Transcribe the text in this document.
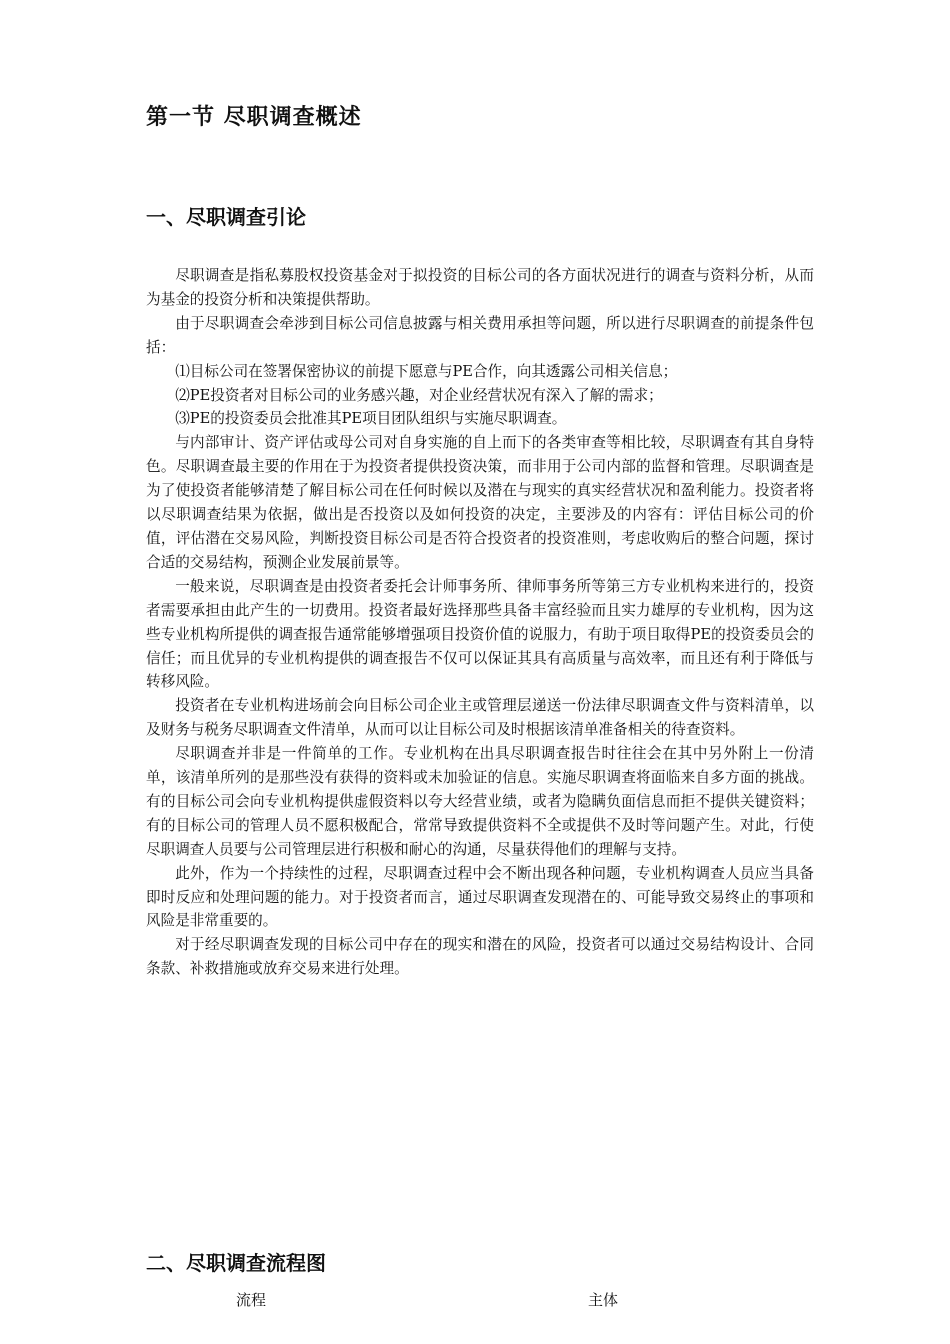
第一节 尽职调查概述
一、尽职调查引论

尽职调查是指私募股权投资基金对于拟投资的目标公司的各方面状况进行的调查与资料分析，从而为基金的投资分析和决策提供帮助。

由于尽职调查会牵涉到目标公司信息披露与相关费用承担等问题，所以进行尽职调查的前提条件包括：

⑴目标公司在签署保密协议的前提下愿意与PE合作，向其透露公司相关信息；

⑵PE投资者对目标公司的业务感兴趣，对企业经营状况有深入了解的需求；

⑶PE的投资委员会批准其PE项目团队组织与实施尽职调查。

与内部审计、资产评估或母公司对自身实施的自上而下的各类审查等相比较，尽职调查有其自身特色。尽职调查最主要的作用在于为投资者提供投资决策，而非用于公司内部的监督和管理。尽职调查是为了使投资者能够清楚了解目标公司在任何时候以及潜在与现实的真实经营状况和盈利能力。投资者将以尽职调查结果为依据，做出是否投资以及如何投资的决定，主要涉及的内容有：评估目标公司的价值，评估潜在交易风险，判断投资目标公司是否符合投资者的投资准则，考虑收购后的整合问题，探讨合适的交易结构，预测企业发展前景等。

一般来说，尽职调查是由投资者委托会计师事务所、律师事务所等第三方专业机构来进行的，投资者需要承担由此产生的一切费用。投资者最好选择那些具备丰富经验而且实力雄厚的专业机构，因为这些专业机构所提供的调查报告通常能够增强项目投资价值的说服力，有助于项目取得PE的投资委员会的信任；而且优异的专业机构提供的调查报告不仅可以保证其具有高质量与高效率，而且还有利于降低与转移风险。

投资者在专业机构进场前会向目标公司企业主或管理层递送一份法律尽职调查文件与资料清单，以及财务与税务尽职调查文件清单，从而可以让目标公司及时根据该清单准备相关的待查资料。

尽职调查并非是一件简单的工作。专业机构在出具尽职调查报告时往往会在其中另外附上一份清单，该清单所列的是那些没有获得的资料或未加验证的信息。实施尽职调查将面临来自多方面的挑战。有的目标公司会向专业机构提供虚假资料以夸大经营业绩，或者为隐瞒负面信息而拒不提供关键资料；有的目标公司的管理人员不愿积极配合，常常导致提供资料不全或提供不及时等问题产生。对此，行使尽职调查人员要与公司管理层进行积极和耐心的沟通，尽量获得他们的理解与支持。

此外，作为一个持续性的过程，尽职调查过程中会不断出现各种问题，专业机构调查人员应当具备即时反应和处理问题的能力。对于投资者而言，通过尽职调查发现潜在的、可能导致交易终止的事项和风险是非常重要的。

对于经尽职调查发现的目标公司中存在的现实和潜在的风险，投资者可以通过交易结构设计、合同条款、补救措施或放弃交易来进行处理。

二、尽职调查流程图
流程	主体
